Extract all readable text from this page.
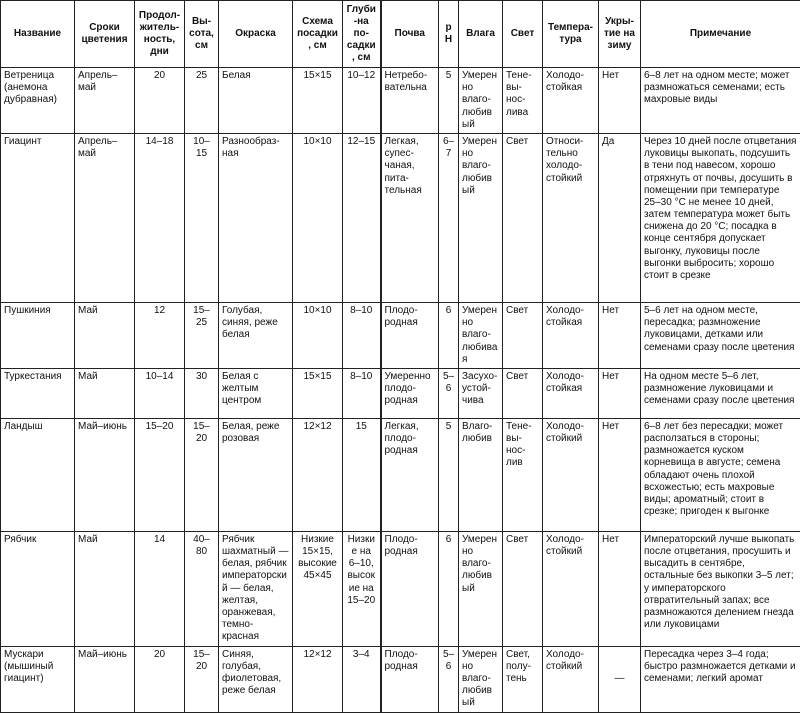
Название	Сроки цветения	Продол-житель-ность, дни	Вы-сота, см	Окраска	Схема посадки, см	Глуби-на по-садки, см	Почва	pH	Влага	Свет	Темпера-тура	Укры-тие на зиму	Примечание
Ветреница (анемона дубравная)	Апрель–май	20	25	Белая	15×15	10–12	Нетребо-вательна	5	Умеренно влаго-любивый	Тене-вы-нос-лива	Холодо-стойкая	Нет	6–8 лет на одном месте; может размножаться семенами; есть махровые виды
Гиацинт	Апрель–май	14–18	10–15	Разнообраз-ная	10×10	12–15	Легкая, супес-чаная, пита-тельная	6–7	Умеренно влаго-любивый	Свет	Относи-тельно холодо-стойкий	Да	Через 10 дней после отцветания луковицы выкопать, подсушить в тени под навесом, хорошо отряхнуть от почвы, досушить в помещении при температуре 25–30 °C не менее 10 дней, затем температура может быть снижена до 20 °C; посадка в конце сентября допускает выгонку, луковицы после выгонки выбросить; хорошо стоит в срезке
Пушкиния	Май	12	15–25	Голубая, синяя, реже белая	10×10	8–10	Плодо-родная	6	Умеренно влаго-любивая	Свет	Холодо-стойкая	Нет	5–6 лет на одном месте, пересадка; размножение луковицами, детками или семенами сразу после цветения
Туркестания	Май	10–14	30	Белая с желтым центром	15×15	8–10	Умеренно плодо-родная	5–6	Засухо-устой-чива	Свет	Холодо-стойкая	Нет	На одном месте 5–6 лет, размножение луковицами и семенами сразу после цветения
Ландыш	Май–июнь	15–20	15–20	Белая, реже розовая	12×12	15	Легкая, плодо-родная	5	Влаго-любив	Тене-вы-нос-лив	Холодо-стойкий	Нет	6–8 лет без пересадки; может расползаться в стороны; размножается куском корневища в августе; семена обладают очень плохой всхожестью; есть махровые виды; ароматный; стоит в срезке; пригоден к выгонке
Рябчик	Май	14	40–80	Рябчик шахматный — белая, рябчик императорский — белая, желтая, оранжевая, темно-красная	Низкие 15×15, высокие 45×45	Низкие на 6–10, высокие на 15–20	Плодо-родная	6	Умеренно влаго-любивый	Свет	Холодо-стойкий	Нет	Императорский лучше выкопать после отцветания, просушить и высадить в сентябре, остальные без выкопки 3–5 лет; у императорского отвратительный запах; все размножаются делением гнезда или луковицами
Мускари (мышиный гиацинт)	Май–июнь	20	15–20	Синяя, голубая, фиолетовая, реже белая	12×12	3–4	Плодо-родная	5–6	Умеренно влаго-любивый	Свет, полу-тень	Холодо-стойкий	—	Пересадка через 3–4 года; быстро размножается детками и семенами; легкий аромат
